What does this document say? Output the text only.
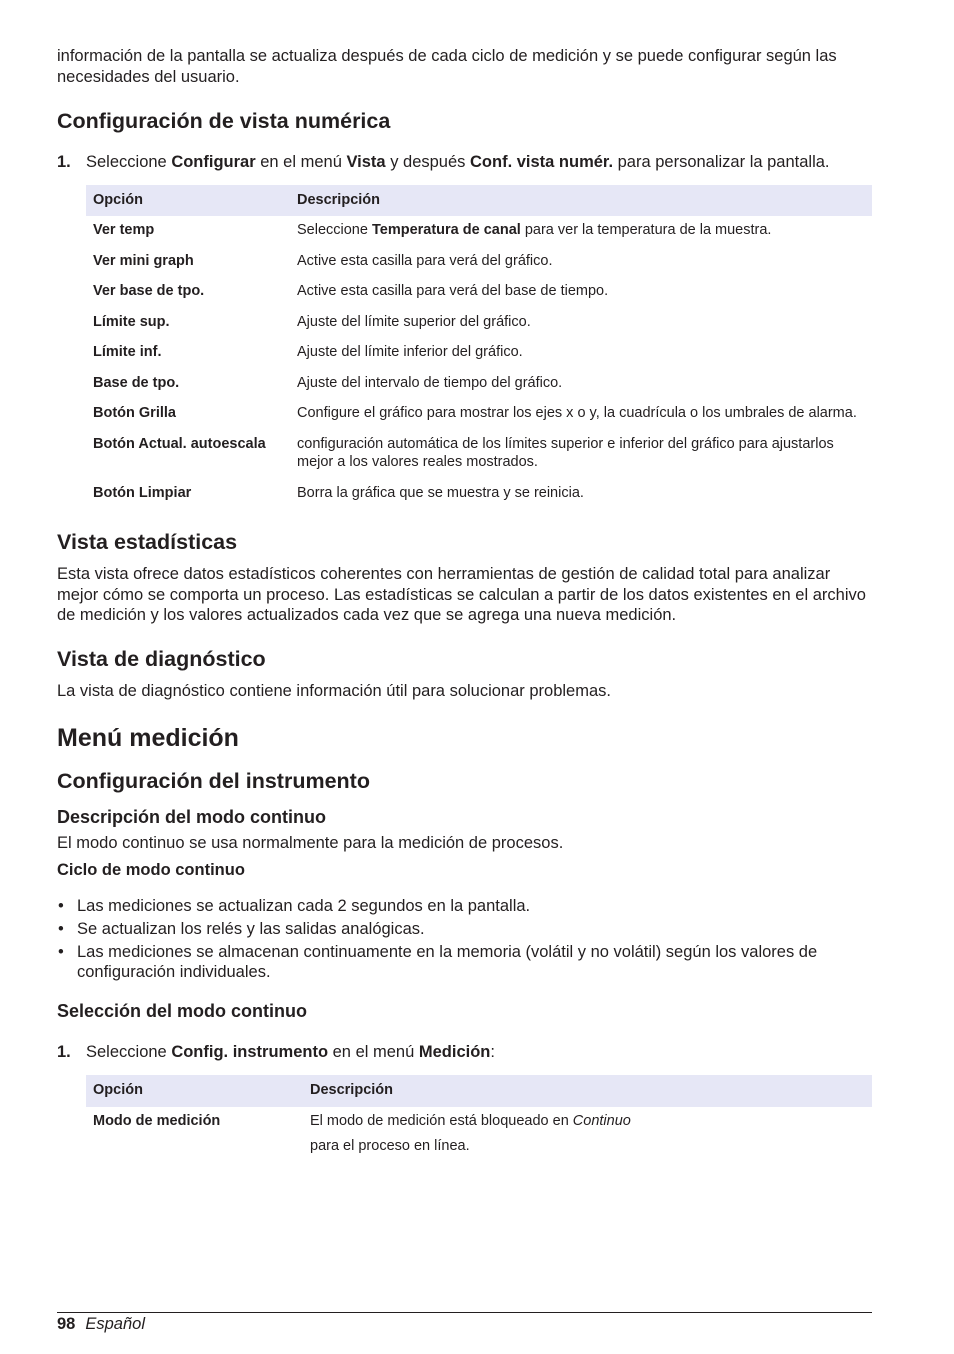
información de la pantalla se actualiza después de cada ciclo de medición y se puede configurar según las necesidades del usuario.

Configuración de vista numérica
1. Seleccione Configurar en el menú Vista y después Conf. vista numér. para personalizar la pantalla.
Opción	Descripción
Ver temp	Seleccione Temperatura de canal para ver la temperatura de la muestra.
Ver mini graph	Active esta casilla para verá del gráfico.
Ver base de tpo.	Active esta casilla para verá del base de tiempo.
Límite sup.	Ajuste del límite superior del gráfico.
Límite inf.	Ajuste del límite inferior del gráfico.
Base de tpo.	Ajuste del intervalo de tiempo del gráfico.
Botón Grilla	Configure el gráfico para mostrar los ejes x o y, la cuadrícula o los umbrales de alarma.
Botón Actual. autoescala	configuración automática de los límites superior e inferior del gráfico para ajustarlos mejor a los valores reales mostrados.
Botón Limpiar	Borra la gráfica que se muestra y se reinicia.
Vista estadísticas

Esta vista ofrece datos estadísticos coherentes con herramientas de gestión de calidad total para analizar mejor cómo se comporta un proceso. Las estadísticas se calculan a partir de los datos existentes en el archivo de medición y los valores actualizados cada vez que se agrega una nueva medición.

Vista de diagnóstico

La vista de diagnóstico contiene información útil para solucionar problemas.

Menú medición
Configuración del instrumento
Descripción del modo continuo

El modo continuo se usa normalmente para la medición de procesos.

Ciclo de modo continuo
• Las mediciones se actualizan cada 2 segundos en la pantalla.
• Se actualizan los relés y las salidas analógicas.
• Las mediciones se almacenan continuamente en la memoria (volátil y no volátil) según los valores de configuración individuales.
Selección del modo continuo
1. Seleccione Config. instrumento en el menú Medición:
Opción	Descripción
Modo de medición	El modo de medición está bloqueado en Continuo
para el proceso en línea.
98 Español
